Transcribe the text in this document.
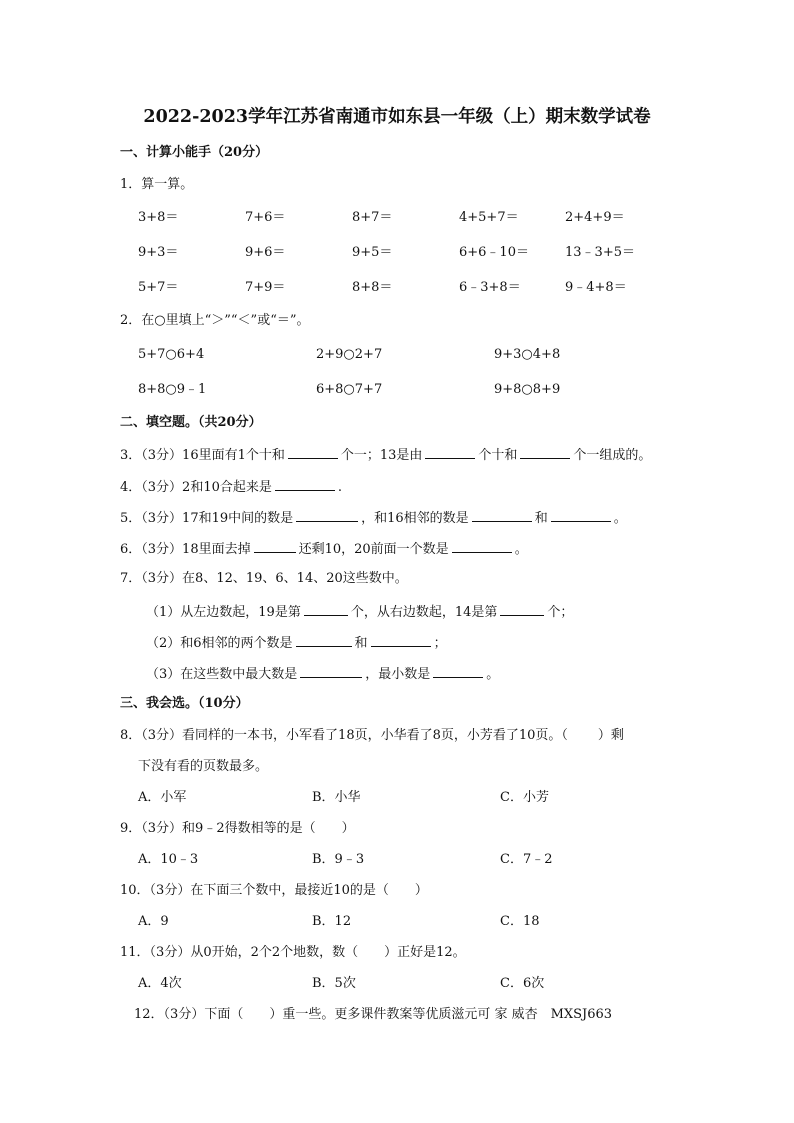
2022-2023学年江苏省南通市如东县一年级（上）期末数学试卷
一、计算小能手（20分）
1．算一算。
3+8＝	7+6＝	8+7＝	4+5+7＝	2+4+9＝
9+3＝	9+6＝	9+5＝	6+6﹣10＝	13﹣3+5＝
5+7＝	7+9＝	8+8＝	6﹣3+8＝	9﹣4+8＝
2．在○里填上“＞”“＜”或“＝”。
5+7○6+4	2+9○2+7	9+3○4+8
8+8○9﹣1	6+8○7+7	9+8○8+9
二、填空题。（共20分）
3．（3分）16里面有1个十和	个一；13是由	个十和	个一组成的。
4．（3分）2和10合起来是	.
5．（3分）17和19中间的数是	，和16相邻的数是	和	。
6．（3分）18里面去掉	还剩10，20前面一个数是	。
7．（3分）在8、12、19、6、14、20这些数中。
（1）从左边数起，19是第	个，从右边数起，14是第	个；
（2）和6相邻的两个数是	和	；
（3）在这些数中最大数是	，最小数是	。
三、我会选。（10分）
8．（3分）看同样的一本书，小军看了18页，小华看了8页，小芳看了10页。（ ）剩
下没有看的页数最多。
A．小军	B．小华	C．小芳
9．（3分）和9﹣2得数相等的是（　　）
A．10﹣3	B．9﹣3	C．7﹣2
10．（3分）在下面三个数中，最接近10的是（　　）
A．9	B．12	C．18
11．（3分）从0开始，2个2个地数，数（　　）正好是12。
A．4次	B．5次	C．6次
12．（3分）下面（　　）重一些。更多课件教案等优质滋元可 家 威杏　MXSJ663
